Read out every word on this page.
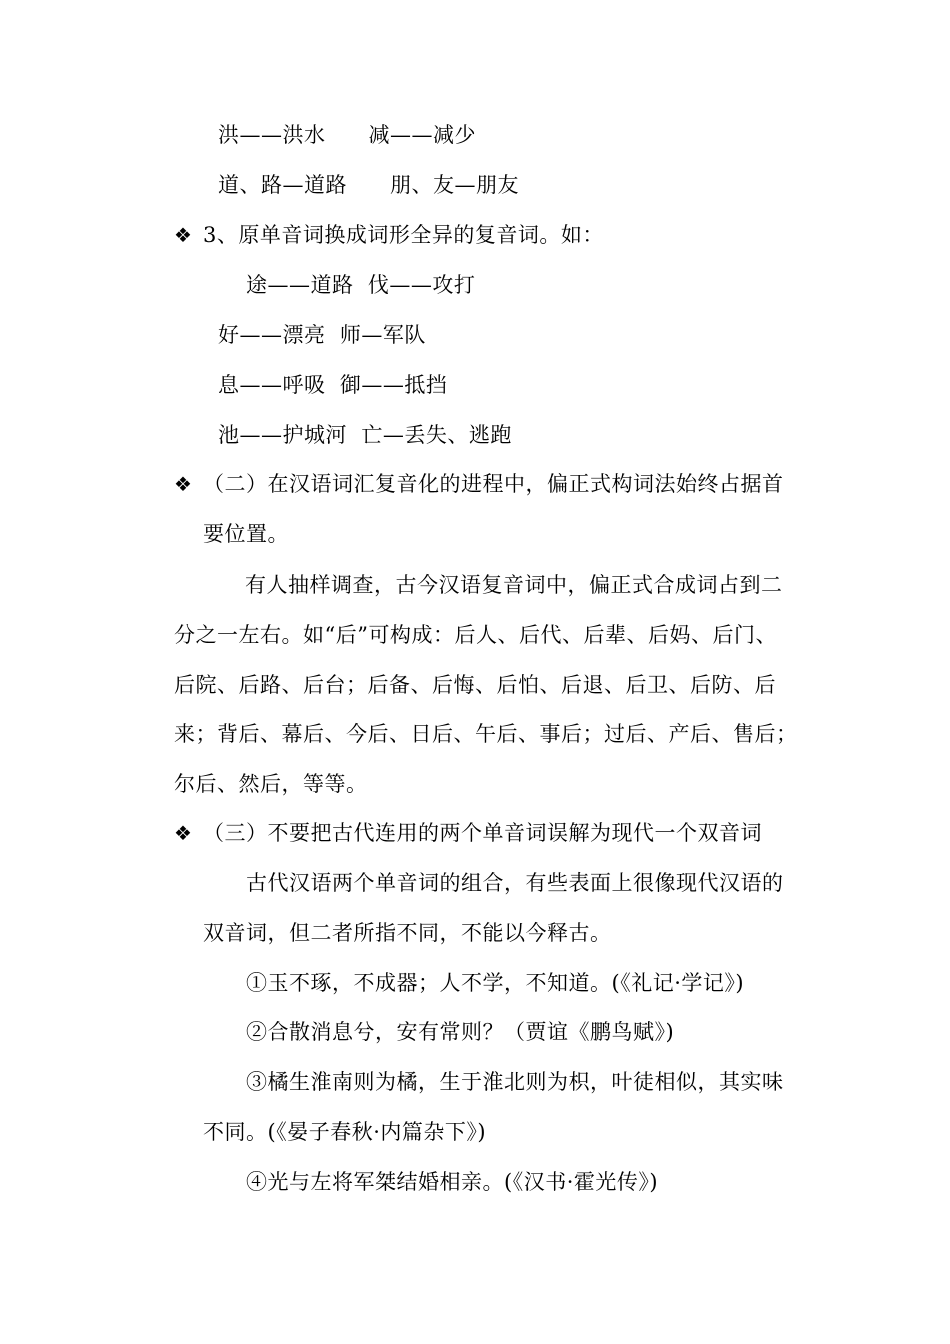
洪——洪水　　减——减少
道、路—道路　　朋、友—朋友
❖ 3、原单音词换成词形全异的复音词。如：
途——道路  伐——攻打
好——漂亮  师—军队
息——呼吸  御——抵挡
池——护城河  亡—丢失、逃跑
❖ （二）在汉语词汇复音化的进程中，偏正式构词法始终占据首
要位置。
有人抽样调查，古今汉语复音词中，偏正式合成词占到二
分之一左右。如“后”可构成：后人、后代、后辈、后妈、后门、
后院、后路、后台；后备、后悔、后怕、后退、后卫、后防、后
来；背后、幕后、今后、日后、午后、事后；过后、产后、售后；
尔后、然后，等等。
❖ （三）不要把古代连用的两个单音词误解为现代一个双音词
古代汉语两个单音词的组合，有些表面上很像现代汉语的
双音词，但二者所指不同，不能以今释古。
①玉不琢，不成器；人不学，不知道。(《礼记·学记》)
②合散消息兮，安有常则？（贾谊《鹏鸟赋》)
③橘生淮南则为橘，生于淮北则为枳，叶徒相似，其实味
不同。(《晏子春秋·内篇杂下》)
④光与左将军桀结婚相亲。(《汉书·霍光传》)
